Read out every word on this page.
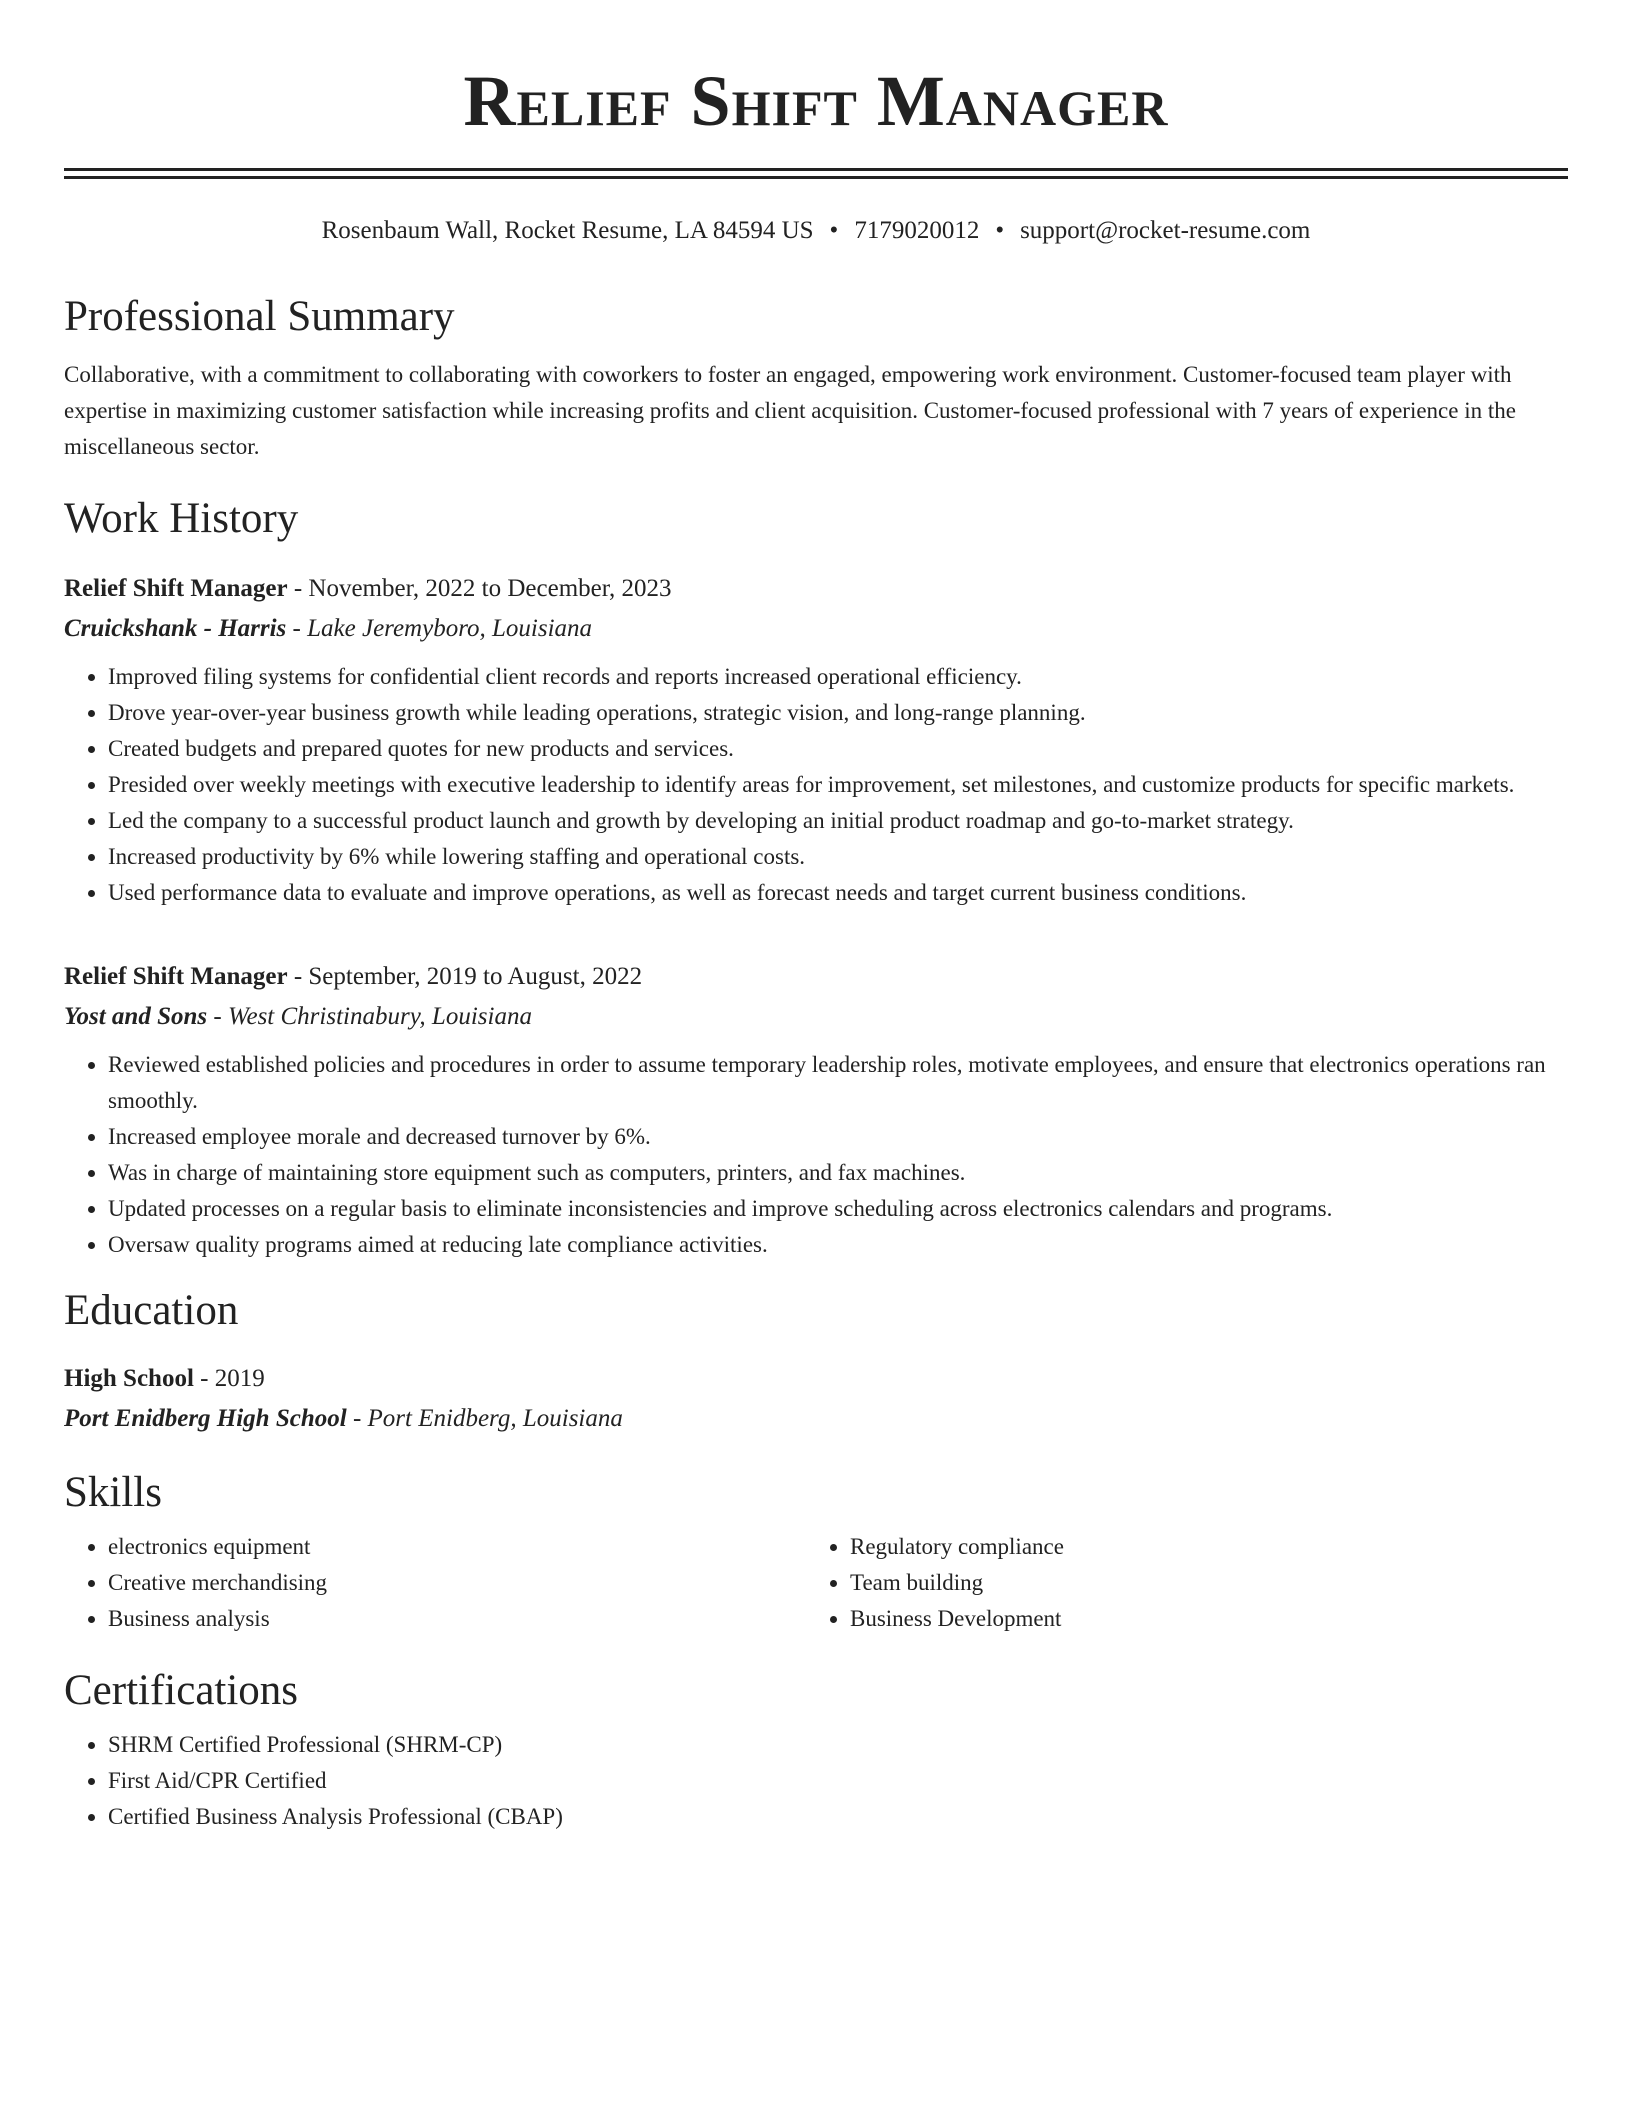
Relief Shift Manager
Rosenbaum Wall, Rocket Resume, LA 84594 US • 7179020012 • support@rocket-resume.com
Professional Summary

Collaborative, with a commitment to collaborating with coworkers to foster an engaged, empowering work environment. Customer-focused team player with expertise in maximizing customer satisfaction while increasing profits and client acquisition. Customer-focused professional with 7 years of experience in the miscellaneous sector.

Work History
Relief Shift Manager - November, 2022 to December, 2023
Cruickshank - Harris - Lake Jeremyboro, Louisiana
• Improved filing systems for confidential client records and reports increased operational efficiency.
• Drove year-over-year business growth while leading operations, strategic vision, and long-range planning.
• Created budgets and prepared quotes for new products and services.
• Presided over weekly meetings with executive leadership to identify areas for improvement, set milestones, and customize products for specific markets.
• Led the company to a successful product launch and growth by developing an initial product roadmap and go-to-market strategy.
• Increased productivity by 6% while lowering staffing and operational costs.
• Used performance data to evaluate and improve operations, as well as forecast needs and target current business conditions.
Relief Shift Manager - September, 2019 to August, 2022
Yost and Sons - West Christinabury, Louisiana
• Reviewed established policies and procedures in order to assume temporary leadership roles, motivate employees, and ensure that electronics operations ran smoothly.
• Increased employee morale and decreased turnover by 6%.
• Was in charge of maintaining store equipment such as computers, printers, and fax machines.
• Updated processes on a regular basis to eliminate inconsistencies and improve scheduling across electronics calendars and programs.
• Oversaw quality programs aimed at reducing late compliance activities.
Education
High School - 2019
Port Enidberg High School - Port Enidberg, Louisiana
Skills
• electronics equipment
• Creative merchandising
• Business analysis
• Regulatory compliance
• Team building
• Business Development
Certifications
• SHRM Certified Professional (SHRM-CP)
• First Aid/CPR Certified
• Certified Business Analysis Professional (CBAP)
